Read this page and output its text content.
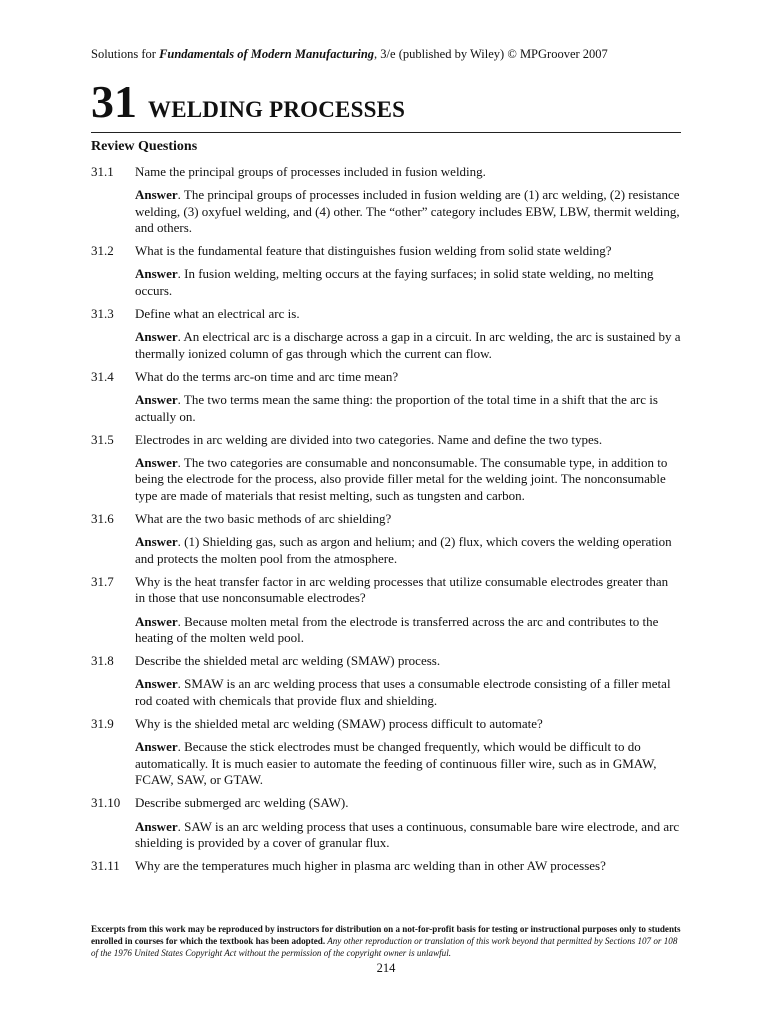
Solutions for Fundamentals of Modern Manufacturing, 3/e (published by Wiley) © MPGroover 2007
31 WELDING PROCESSES
Review Questions
31.1	Name the principal groups of processes included in fusion welding.
Answer. The principal groups of processes included in fusion welding are (1) arc welding, (2) resistance welding, (3) oxyfuel welding, and (4) other. The “other” category includes EBW, LBW, thermit welding, and others.
31.2	What is the fundamental feature that distinguishes fusion welding from solid state welding?
Answer. In fusion welding, melting occurs at the faying surfaces; in solid state welding, no melting occurs.
31.3	Define what an electrical arc is.
Answer. An electrical arc is a discharge across a gap in a circuit. In arc welding, the arc is sustained by a thermally ionized column of gas through which the current can flow.
31.4	What do the terms arc-on time and arc time mean?
Answer. The two terms mean the same thing: the proportion of the total time in a shift that the arc is actually on.
31.5	Electrodes in arc welding are divided into two categories. Name and define the two types.
Answer. The two categories are consumable and nonconsumable. The consumable type, in addition to being the electrode for the process, also provide filler metal for the welding joint. The nonconsumable type are made of materials that resist melting, such as tungsten and carbon.
31.6	What are the two basic methods of arc shielding?
Answer. (1) Shielding gas, such as argon and helium; and (2) flux, which covers the welding operation and protects the molten pool from the atmosphere.
31.7	Why is the heat transfer factor in arc welding processes that utilize consumable electrodes greater than in those that use nonconsumable electrodes?
Answer. Because molten metal from the electrode is transferred across the arc and contributes to the heating of the molten weld pool.
31.8	Describe the shielded metal arc welding (SMAW) process.
Answer. SMAW is an arc welding process that uses a consumable electrode consisting of a filler metal rod coated with chemicals that provide flux and shielding.
31.9	Why is the shielded metal arc welding (SMAW) process difficult to automate?
Answer. Because the stick electrodes must be changed frequently, which would be difficult to do automatically. It is much easier to automate the feeding of continuous filler wire, such as in GMAW, FCAW, SAW, or GTAW.
31.10	Describe submerged arc welding (SAW).
Answer. SAW is an arc welding process that uses a continuous, consumable bare wire electrode, and arc shielding is provided by a cover of granular flux.
31.11	Why are the temperatures much higher in plasma arc welding than in other AW processes?
Excerpts from this work may be reproduced by instructors for distribution on a not-for-profit basis for testing or instructional purposes only to students enrolled in courses for which the textbook has been adopted. Any other reproduction or translation of this work beyond that permitted by Sections 107 or 108 of the 1976 United States Copyright Act without the permission of the copyright owner is unlawful.
214
